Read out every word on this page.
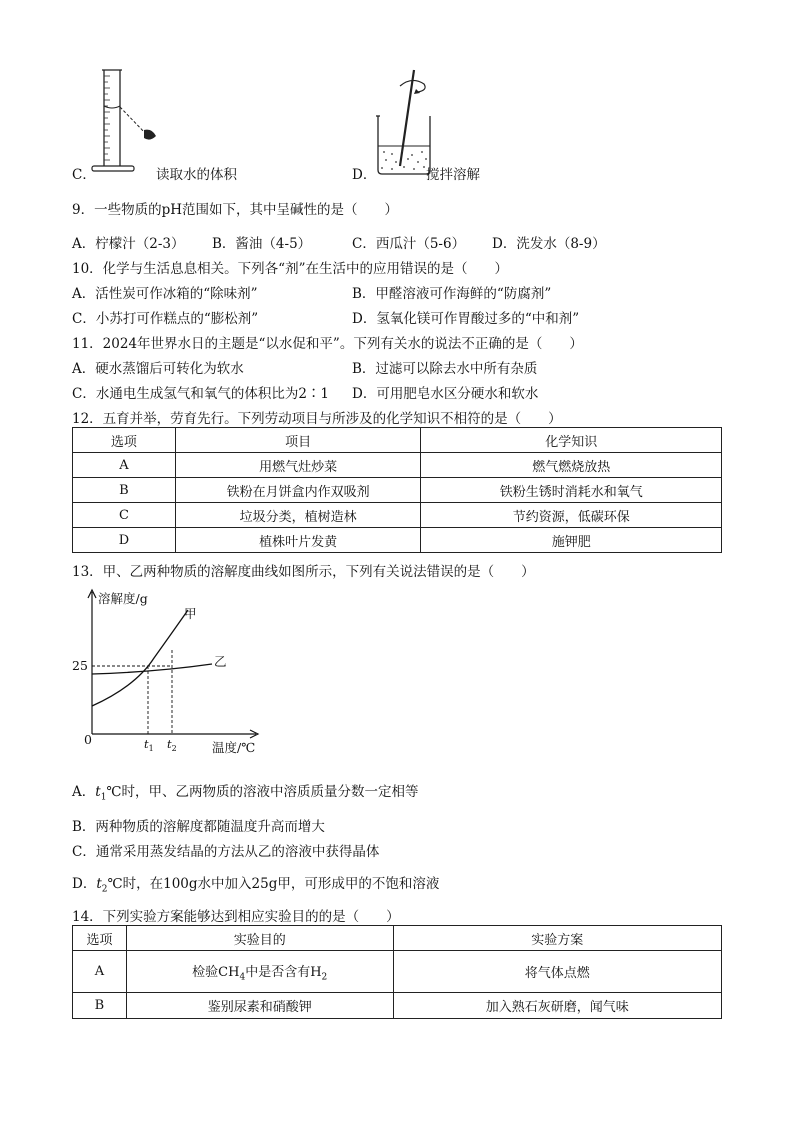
C．	读取水的体积	D．	搅拌溶解
9．一些物质的pH范围如下，其中呈碱性的是（　　）
A．柠檬汁（2-3） B．酱油（4-5）	C．西瓜汁（5-6） D．洗发水（8-9）
10．化学与生活息息相关。下列各“剂”在生活中的应用错误的是（　　）
A．活性炭可作冰箱的“除味剂”	B．甲醛溶液可作海鲜的“防腐剂”
C．小苏打可作糕点的“膨松剂”	D．氢氧化镁可作胃酸过多的“中和剂”
11．2024年世界水日的主题是“以水促和平”。下列有关水的说法不正确的是（　　）
A．硬水蒸馏后可转化为软水	B．过滤可以除去水中所有杂质
C．水通电生成氢气和氧气的体积比为2∶1 D．可用肥皂水区分硬水和软水
12．五育并举，劳育先行。下列劳动项目与所涉及的化学知识不相符的是（　　）
选项	项目	化学知识
A	用燃气灶炒菜	燃气燃烧放热
B	铁粉在月饼盒内作双吸剂	铁粉生锈时消耗水和氧气
C	垃圾分类，植树造林	节约资源，低碳环保
D	植株叶片发黄	施钾肥
13．甲、乙两种物质的溶解度曲线如图所示，下列有关说法错误的是（　　）
溶解度/g
温度/℃
25
0
甲
乙
$t_1$ $t_2$
A．$t_1℃$时，甲、乙两物质的溶液中溶质质量分数一定相等
B．两种物质的溶解度都随温度升高而增大
C．通常采用蒸发结晶的方法从乙的溶液中获得晶体
D．$t_2℃$时，在100g水中加入25g甲，可形成甲的不饱和溶液
14．下列实验方案能够达到相应实验目的的是（　　）
选项	实验目的	实验方案
A	检验$CH_4$中是否含有$H_2$	将气体点燃
B	鉴别尿素和硝酸钾	加入熟石灰研磨，闻气味
